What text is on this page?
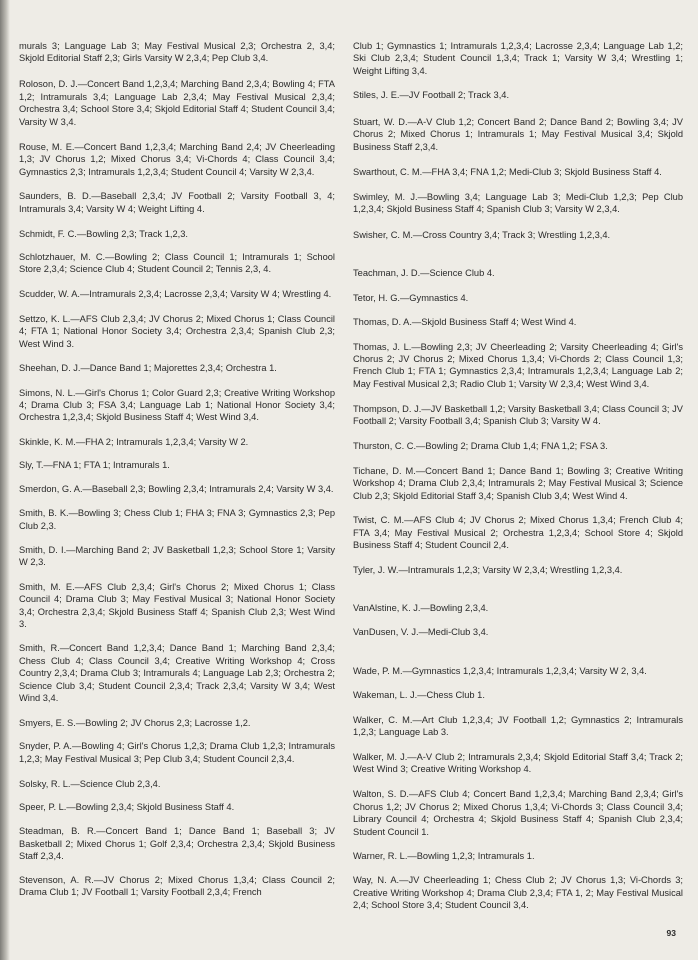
murals 3; Language Lab 3; May Festival Musical 2,3; Orchestra 2, 3,4; Skjold Editorial Staff 2,3; Girls Varsity W 2,3,4; Pep Club 3,4.

Roloson, D. J.—Concert Band 1,2,3,4; Marching Band 2,3,4; Bowling 4; FTA 1,2; Intramurals 3,4; Language Lab 2,3,4; May Festival Musical 2,3,4; Orchestra 3,4; School Store 3,4; Skjold Editorial Staff 4; Student Council 3,4; Varsity W 3,4.

Rouse, M. E.—Concert Band 1,2,3,4; Marching Band 2,4; JV Cheerleading 1,3; JV Chorus 1,2; Mixed Chorus 3,4; Vi-Chords 4; Class Council 3,4; Gymnastics 2,3; Intramurals 1,2,3,4; Student Council 4; Varsity W 2,3,4.

Saunders, B. D.—Baseball 2,3,4; JV Football 2; Varsity Football 3, 4; Intramurals 3,4; Varsity W 4; Weight Lifting 4.

Schmidt, F. C.—Bowling 2,3; Track 1,2,3.

Schlotzhauer, M. C.—Bowling 2; Class Council 1; Intramurals 1; School Store 2,3,4; Science Club 4; Student Council 2; Tennis 2,3, 4.

Scudder, W. A.—Intramurals 2,3,4; Lacrosse 2,3,4; Varsity W 4; Wrestling 4.

Settzo, K. L.—AFS Club 2,3,4; JV Chorus 2; Mixed Chorus 1; Class Council 4; FTA 1; National Honor Society 3,4; Orchestra 2,3,4; Spanish Club 2,3; West Wind 3.

Sheehan, D. J.—Dance Band 1; Majorettes 2,3,4; Orchestra 1.

Simons, N. L.—Girl's Chorus 1; Color Guard 2,3; Creative Writing Workshop 4; Drama Club 3; FSA 3,4; Language Lab 1; National Honor Society 3,4; Orchestra 1,2,3,4; Skjold Business Staff 4; West Wind 3,4.

Skinkle, K. M.—FHA 2; Intramurals 1,2,3,4; Varsity W 2.

Sly, T.—FNA 1; FTA 1; Intramurals 1.

Smerdon, G. A.—Baseball 2,3; Bowling 2,3,4; Intramurals 2,4; Varsity W 3,4.

Smith, B. K.—Bowling 3; Chess Club 1; FHA 3; FNA 3; Gymnastics 2,3; Pep Club 2,3.

Smith, D. I.—Marching Band 2; JV Basketball 1,2,3; School Store 1; Varsity W 2,3.

Smith, M. E.—AFS Club 2,3,4; Girl's Chorus 2; Mixed Chorus 1; Class Council 4; Drama Club 3; May Festival Musical 3; National Honor Society 3,4; Orchestra 2,3,4; Skjold Business Staff 4; Spanish Club 2,3; West Wind 3.

Smith, R.—Concert Band 1,2,3,4; Dance Band 1; Marching Band 2,3,4; Chess Club 4; Class Council 3,4; Creative Writing Workshop 4; Cross Country 2,3,4; Drama Club 3; Intramurals 4; Language Lab 2,3; Orchestra 2; Science Club 3,4; Student Council 2,3,4; Track 2,3,4; Varsity W 3,4; West Wind 3,4.

Smyers, E. S.—Bowling 2; JV Chorus 2,3; Lacrosse 1,2.

Snyder, P. A.—Bowling 4; Girl's Chorus 1,2,3; Drama Club 1,2,3; Intramurals 1,2,3; May Festival Musical 3; Pep Club 3,4; Student Council 2,3,4.

Solsky, R. L.—Science Club 2,3,4.

Speer, P. L.—Bowling 2,3,4; Skjold Business Staff 4.

Steadman, B. R.—Concert Band 1; Dance Band 1; Baseball 3; JV Basketball 2; Mixed Chorus 1; Golf 2,3,4; Orchestra 2,3,4; Skjold Business Staff 2,3,4.

Stevenson, A. R.—JV Chorus 2; Mixed Chorus 1,3,4; Class Council 2; Drama Club 1; JV Football 1; Varsity Football 2,3,4; French

Club 1; Gymnastics 1; Intramurals 1,2,3,4; Lacrosse 2,3,4; Language Lab 1,2; Ski Club 2,3,4; Student Council 1,3,4; Track 1; Varsity W 3,4; Wrestling 1; Weight Lifting 3,4.

Stiles, J. E.—JV Football 2; Track 3,4.

Stuart, W. D.—A-V Club 1,2; Concert Band 2; Dance Band 2; Bowling 3,4; JV Chorus 2; Mixed Chorus 1; Intramurals 1; May Festival Musical 3,4; Skjold Business Staff 2,3,4.

Swarthout, C. M.—FHA 3,4; FNA 1,2; Medi-Club 3; Skjold Business Staff 4.

Swimley, M. J.—Bowling 3,4; Language Lab 3; Medi-Club 1,2,3; Pep Club 1,2,3,4; Skjold Business Staff 4; Spanish Club 3; Varsity W 2,3,4.

Swisher, C. M.—Cross Country 3,4; Track 3; Wrestling 1,2,3,4.

Teachman, J. D.—Science Club 4.

Tetor, H. G.—Gymnastics 4.

Thomas, D. A.—Skjold Business Staff 4; West Wind 4.

Thomas, J. L.—Bowling 2,3; JV Cheerleading 2; Varsity Cheerleading 4; Girl's Chorus 2; JV Chorus 2; Mixed Chorus 1,3,4; Vi-Chords 2; Class Council 1,3; French Club 1; FTA 1; Gymnastics 2,3,4; Intramurals 1,2,3,4; Language Lab 2; May Festival Musical 2,3; Radio Club 1; Varsity W 2,3,4; West Wind 3,4.

Thompson, D. J.—JV Basketball 1,2; Varsity Basketball 3,4; Class Council 3; JV Football 2; Varsity Football 3,4; Spanish Club 3; Varsity W 4.

Thurston, C. C.—Bowling 2; Drama Club 1,4; FNA 1,2; FSA 3.

Tichane, D. M.—Concert Band 1; Dance Band 1; Bowling 3; Creative Writing Workshop 4; Drama Club 2,3,4; Intramurals 2; May Festival Musical 3; Science Club 2,3; Skjold Editorial Staff 3,4; Spanish Club 3,4; West Wind 4.

Twist, C. M.—AFS Club 4; JV Chorus 2; Mixed Chorus 1,3,4; French Club 4; FTA 3,4; May Festival Musical 2; Orchestra 1,2,3,4; School Store 4; Skjold Business Staff 4; Student Council 2,4.

Tyler, J. W.—Intramurals 1,2,3; Varsity W 2,3,4; Wrestling 1,2,3,4.

VanAlstine, K. J.—Bowling 2,3,4.

VanDusen, V. J.—Medi-Club 3,4.

Wade, P. M.—Gymnastics 1,2,3,4; Intramurals 1,2,3,4; Varsity W 2, 3,4.

Wakeman, L. J.—Chess Club 1.

Walker, C. M.—Art Club 1,2,3,4; JV Football 1,2; Gymnastics 2; Intramurals 1,2,3; Language Lab 3.

Walker, M. J.—A-V Club 2; Intramurals 2,3,4; Skjold Editorial Staff 3,4; Track 2; West Wind 3; Creative Writing Workshop 4.

Walton, S. D.—AFS Club 4; Concert Band 1,2,3,4; Marching Band 2,3,4; Girl's Chorus 1,2; JV Chorus 2; Mixed Chorus 1,3,4; Vi-Chords 3; Class Council 3,4; Library Council 4; Orchestra 4; Skjold Business Staff 4; Spanish Club 2,3,4; Student Council 1.

Warner, R. L.—Bowling 1,2,3; Intramurals 1.

Way, N. A.—JV Cheerleading 1; Chess Club 2; JV Chorus 1,3; Vi-Chords 3; Creative Writing Workshop 4; Drama Club 2,3,4; FTA 1, 2; May Festival Musical 2,4; School Store 3,4; Student Council 3,4.

93
